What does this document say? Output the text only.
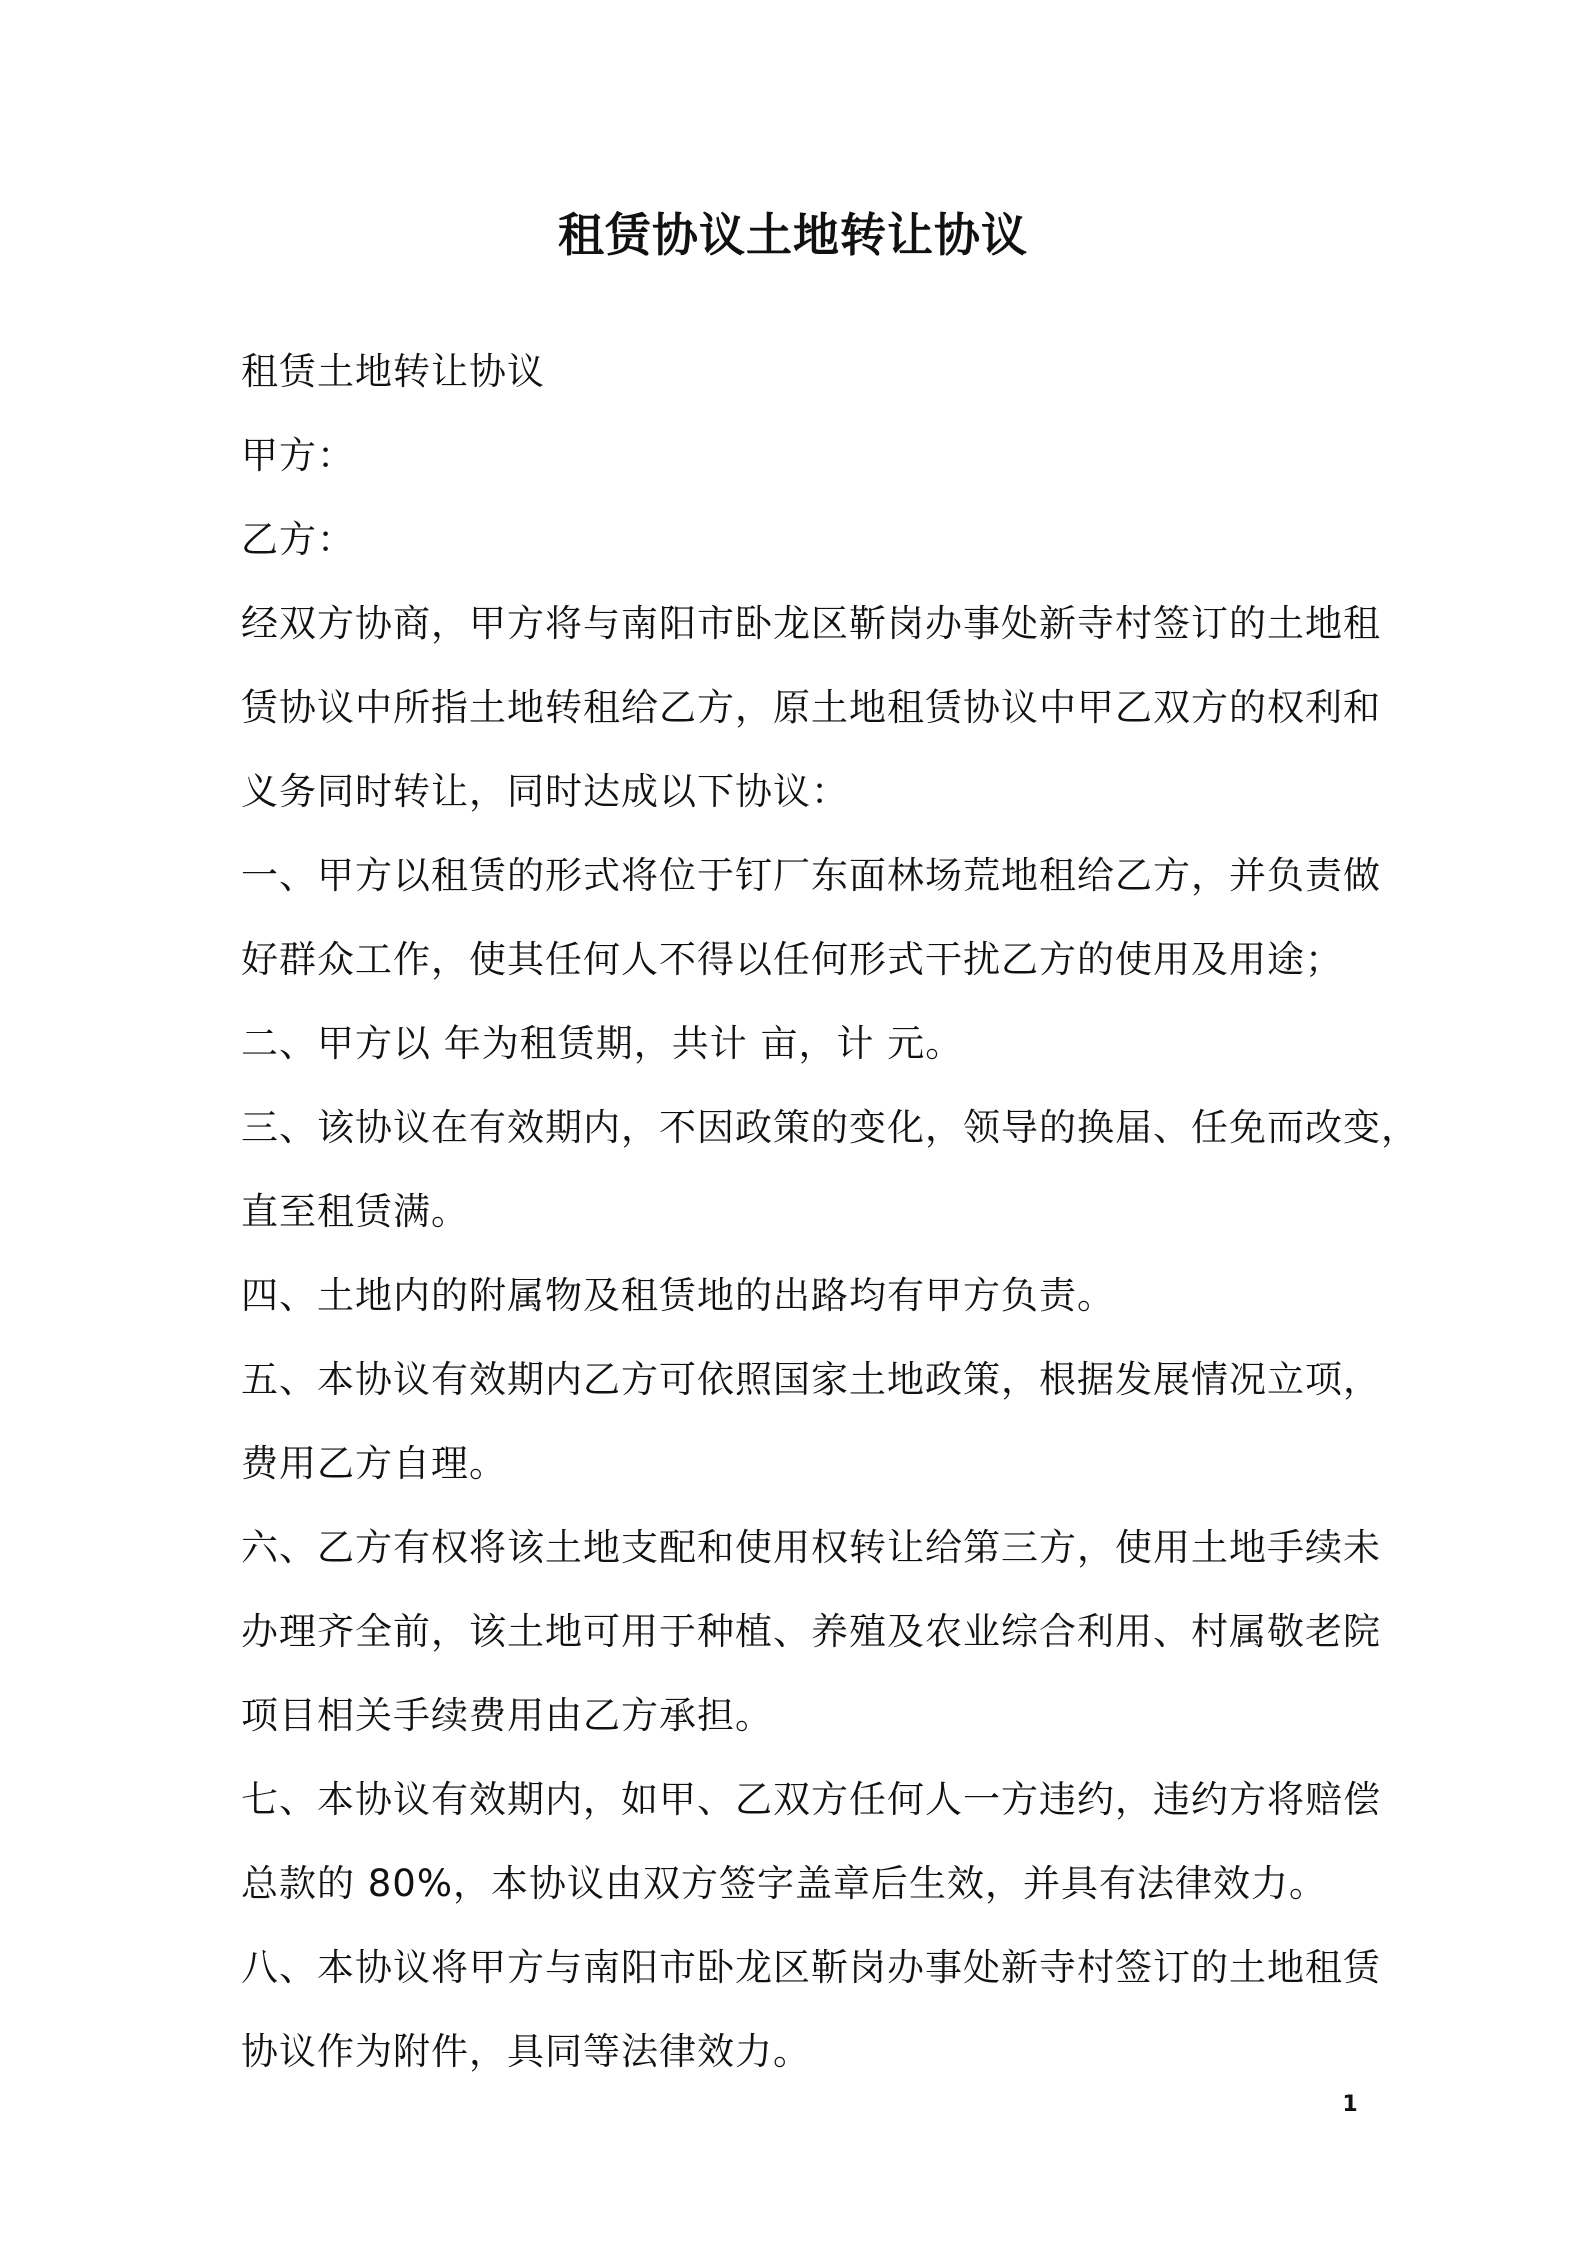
租赁协议土地转让协议

租赁土地转让协议

甲方：

乙方：

经双方协商，甲方将与南阳市卧龙区靳岗办事处新寺村签订的土地租

赁协议中所指土地转租给乙方，原土地租赁协议中甲乙双方的权利和

义务同时转让，同时达成以下协议：

一、甲方以租赁的形式将位于钉厂东面林场荒地租给乙方，并负责做

好群众工作，使其任何人不得以任何形式干扰乙方的使用及用途；

二、甲方以 年为租赁期，共计 亩，计 元。

三、该协议在有效期内，不因政策的变化，领导的换届、任免而改变，

直至租赁满。

四、土地内的附属物及租赁地的出路均有甲方负责。

五、本协议有效期内乙方可依照国家土地政策，根据发展情况立项，

费用乙方自理。

六、乙方有权将该土地支配和使用权转让给第三方，使用土地手续未

办理齐全前，该土地可用于种植、养殖及农业综合利用、村属敬老院

项目相关手续费用由乙方承担。

七、本协议有效期内，如甲、乙双方任何人一方违约，违约方将赔偿

总款的 80%，本协议由双方签字盖章后生效，并具有法律效力。

八、本协议将甲方与南阳市卧龙区靳岗办事处新寺村签订的土地租赁

协议作为附件，具同等法律效力。

1
